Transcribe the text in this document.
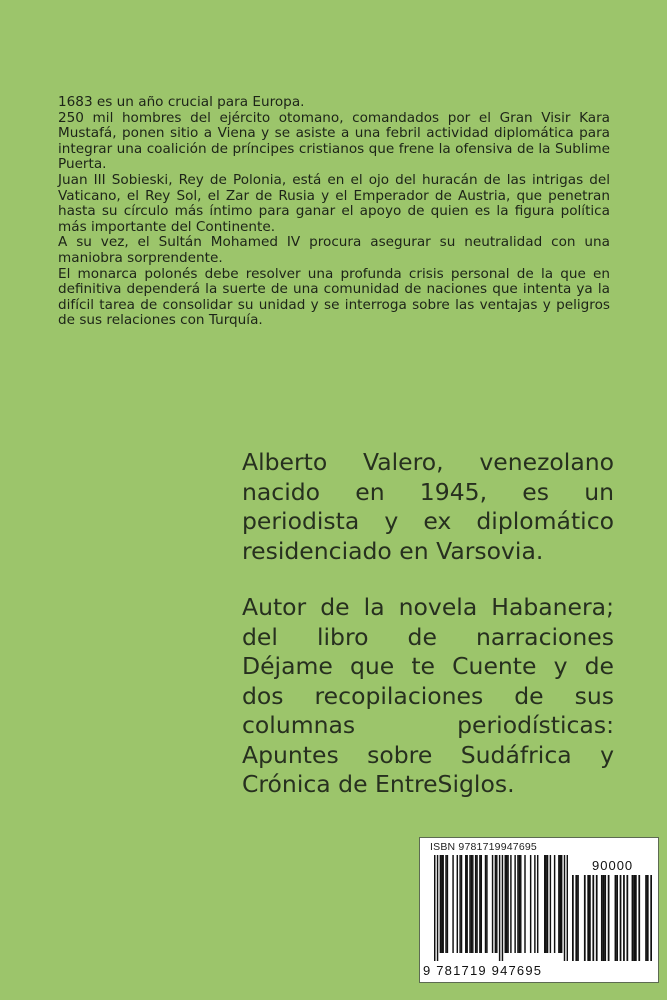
1683 es un año crucial para Europa.

250 mil hombres del ejército otomano, comandados por el Gran Visir Kara Mustafá, ponen sitio a Viena y se asiste a una febril actividad diplomática para integrar una coalición de príncipes cristianos que frene la ofensiva de la Sublime Puerta.

Juan III Sobieski, Rey de Polonia, está en el ojo del huracán de las intrigas del Vaticano, el Rey Sol, el Zar de Rusia y el Emperador de Austria, que penetran hasta su círculo más íntimo para ganar el apoyo de quien es la figura política más importante del Continente.

A su vez, el Sultán Mohamed IV procura asegurar su neutralidad con una maniobra sorprendente.

El monarca polonés debe resolver una profunda crisis personal de la que en definitiva dependerá la suerte de una comunidad de naciones que intenta ya la difícil tarea de consolidar su unidad y se interroga sobre las ventajas y peligros de sus relaciones con Turquía.

Alberto Valero, venezolano nacido en 1945, es un periodista y ex diplomático residenciado en Varsovia.

Autor de la novela Habanera; del libro de narraciones Déjame que te Cuente y de dos recopilaciones de sus columnas periodísticas: Apuntes sobre Sudáfrica y Crónica de EntreSiglos.

ISBN 9781719947695
90000
9 781719 947695
